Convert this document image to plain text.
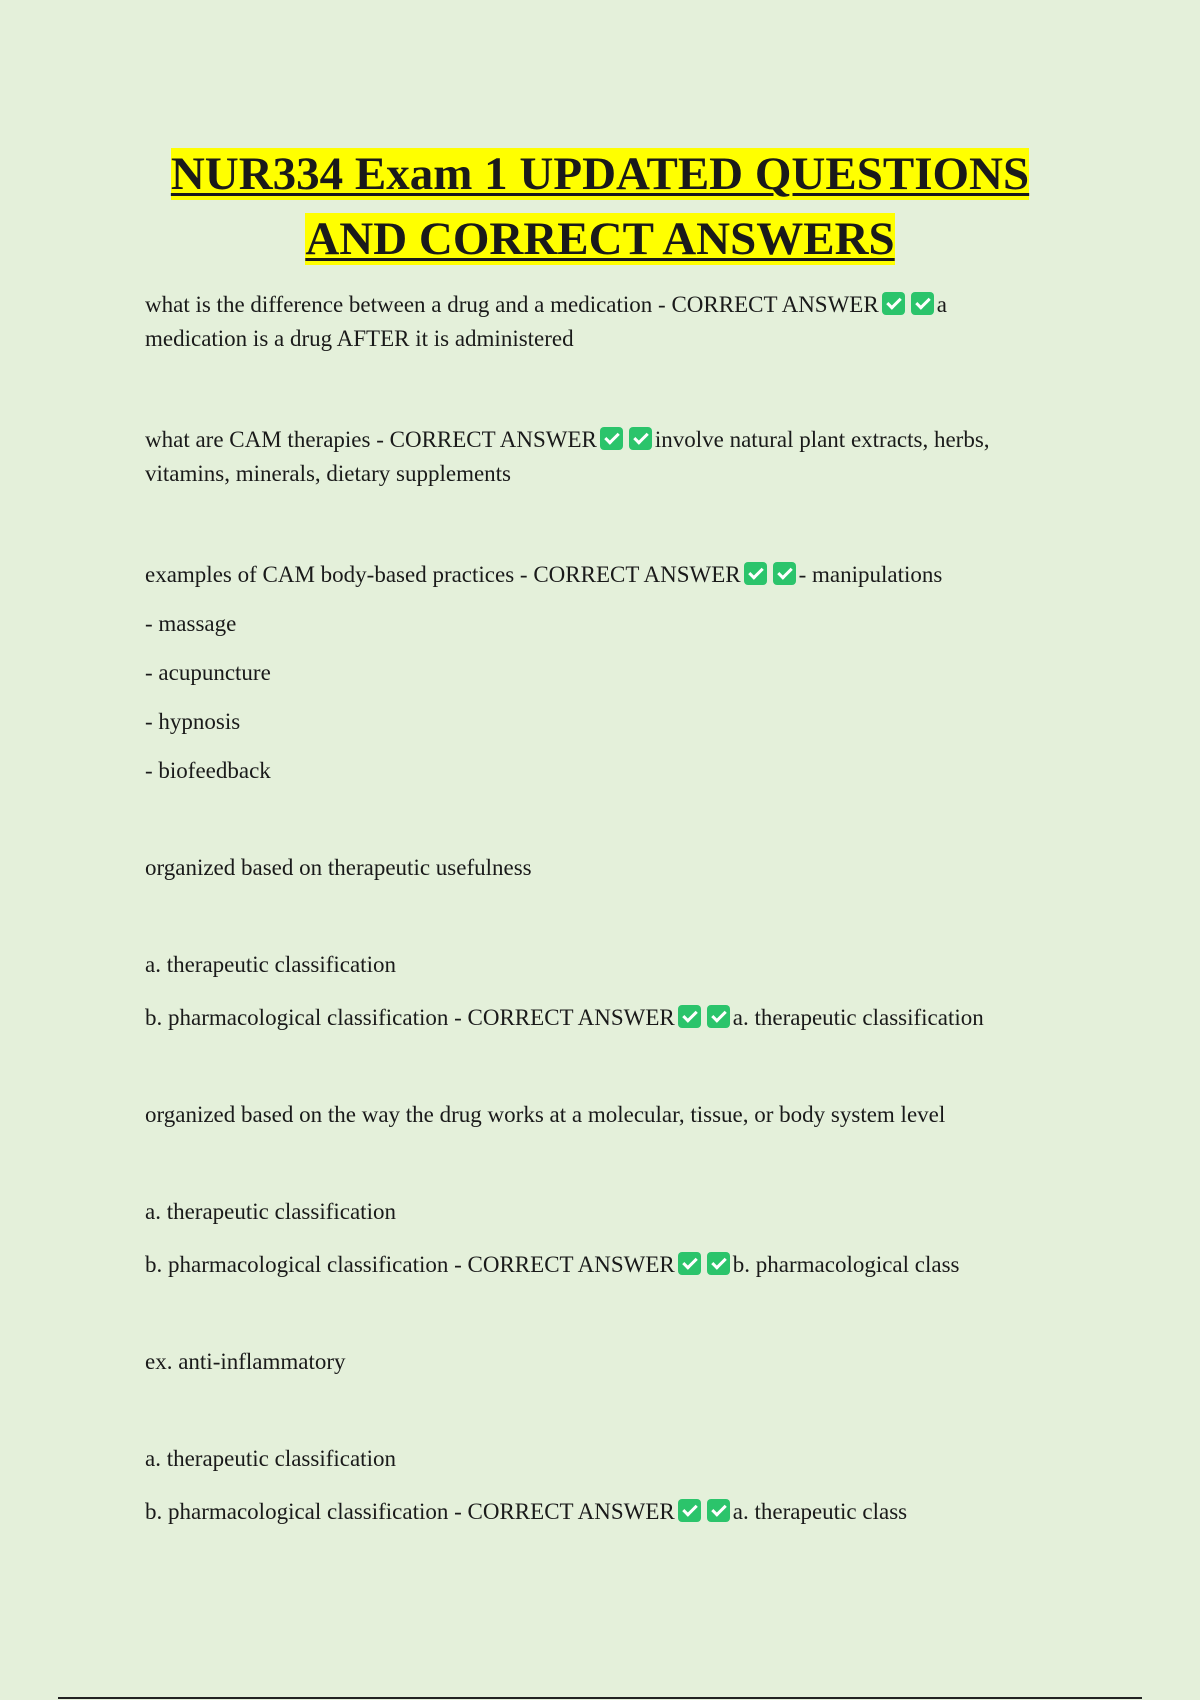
NUR334 Exam 1 UPDATED QUESTIONS
AND CORRECT ANSWERS

what is the difference between a drug and a medication - CORRECT ANSWER	a

medication is a drug AFTER it is administered

what are CAM therapies - CORRECT ANSWER	involve natural plant extracts, herbs,

vitamins, minerals, dietary supplements

examples of CAM body-based practices - CORRECT ANSWER	- manipulations

- massage

- acupuncture

- hypnosis

- biofeedback

organized based on therapeutic usefulness

a. therapeutic classification

b. pharmacological classification - CORRECT ANSWER	a. therapeutic classification

organized based on the way the drug works at a molecular, tissue, or body system level

a. therapeutic classification

b. pharmacological classification - CORRECT ANSWER	b. pharmacological class

ex. anti-inflammatory

a. therapeutic classification

b. pharmacological classification - CORRECT ANSWER	a. therapeutic class
